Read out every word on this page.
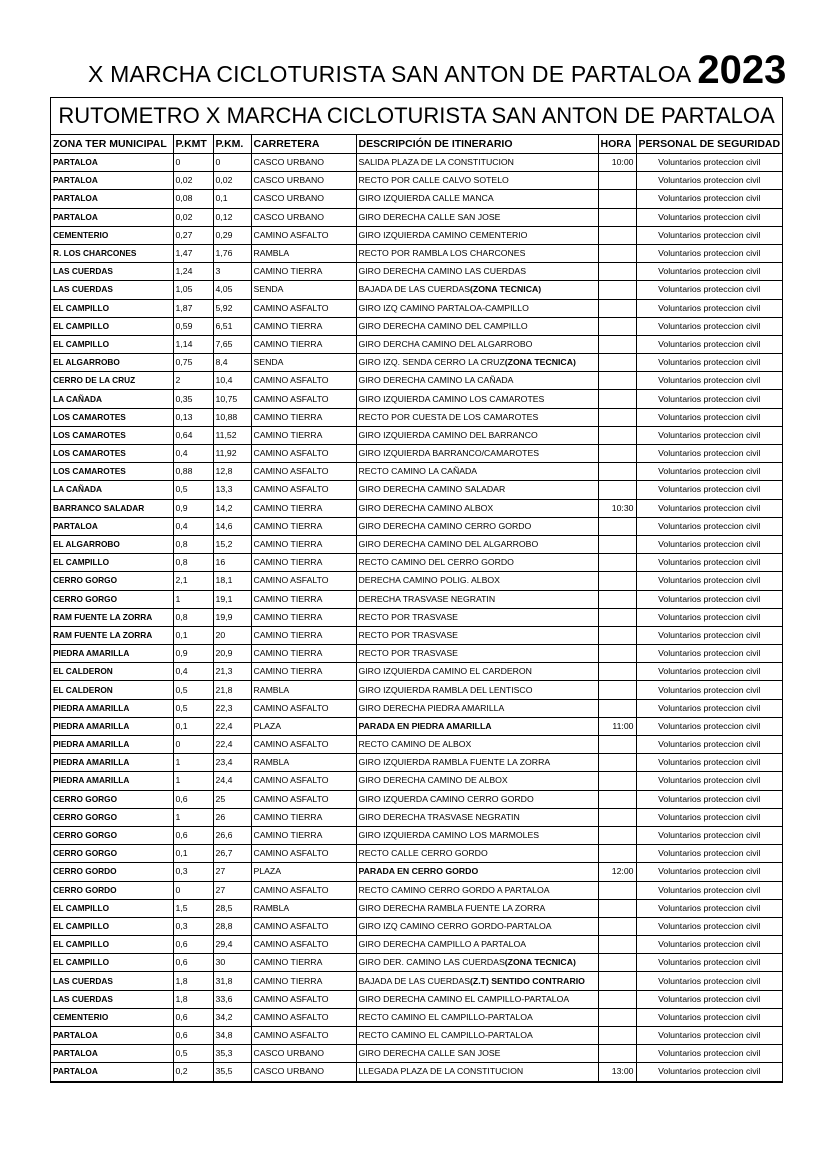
X MARCHA CICLOTURISTA SAN ANTON DE PARTALOA 2023
RUTOMETRO X MARCHA CICLOTURISTA SAN ANTON DE PARTALOA
ZONA TER MUNICIPAL	P.KMT	P.KM.	CARRETERA	DESCRIPCIÓN DE ITINERARIO	HORA	PERSONAL DE SEGURIDAD
PARTALOA	0	0	CASCO URBANO	SALIDA PLAZA DE LA CONSTITUCION	10:00	Voluntarios proteccion civil
PARTALOA	0,02	0,02	CASCO URBANO	RECTO POR CALLE CALVO SOTELO		Voluntarios proteccion civil
PARTALOA	0,08	0,1	CASCO URBANO	GIRO IZQUIERDA CALLE MANCA		Voluntarios proteccion civil
PARTALOA	0,02	0,12	CASCO URBANO	GIRO DERECHA CALLE SAN JOSE		Voluntarios proteccion civil
CEMENTERIO	0,27	0,29	CAMINO ASFALTO	GIRO IZQUIERDA CAMINO CEMENTERIO		Voluntarios proteccion civil
R. LOS CHARCONES	1,47	1,76	RAMBLA	RECTO POR RAMBLA LOS CHARCONES		Voluntarios proteccion civil
LAS CUERDAS	1,24	3	CAMINO TIERRA	GIRO DERECHA CAMINO LAS CUERDAS		Voluntarios proteccion civil
LAS CUERDAS	1,05	4,05	SENDA	BAJADA DE LAS CUERDAS(ZONA TECNICA)		Voluntarios proteccion civil
EL CAMPILLO	1,87	5,92	CAMINO ASFALTO	GIRO IZQ CAMINO PARTALOA-CAMPILLO		Voluntarios proteccion civil
EL CAMPILLO	0,59	6,51	CAMINO TIERRA	GIRO DERECHA CAMINO DEL CAMPILLO		Voluntarios proteccion civil
EL CAMPILLO	1,14	7,65	CAMINO TIERRA	GIRO DERCHA CAMINO DEL ALGARROBO		Voluntarios proteccion civil
EL ALGARROBO	0,75	8,4	SENDA	GIRO IZQ. SENDA CERRO LA CRUZ(ZONA TECNICA)		Voluntarios proteccion civil
CERRO DE LA CRUZ	2	10,4	CAMINO ASFALTO	GIRO DERECHA CAMINO LA CAÑADA		Voluntarios proteccion civil
LA CAÑADA	0,35	10,75	CAMINO ASFALTO	GIRO IZQUIERDA CAMINO LOS CAMAROTES		Voluntarios proteccion civil
LOS CAMAROTES	0,13	10,88	CAMINO TIERRA	RECTO POR CUESTA DE LOS CAMAROTES		Voluntarios proteccion civil
LOS CAMAROTES	0,64	11,52	CAMINO TIERRA	GIRO IZQUIERDA CAMINO DEL BARRANCO		Voluntarios proteccion civil
LOS CAMAROTES	0,4	11,92	CAMINO ASFALTO	GIRO IZQUIERDA BARRANCO/CAMAROTES		Voluntarios proteccion civil
LOS CAMAROTES	0,88	12,8	CAMINO ASFALTO	RECTO CAMINO LA CAÑADA		Voluntarios proteccion civil
LA CAÑADA	0,5	13,3	CAMINO ASFALTO	GIRO DERECHA CAMINO SALADAR		Voluntarios proteccion civil
BARRANCO SALADAR	0,9	14,2	CAMINO TIERRA	GIRO DERECHA CAMINO ALBOX	10:30	Voluntarios proteccion civil
PARTALOA	0,4	14,6	CAMINO TIERRA	GIRO DERECHA CAMINO CERRO GORDO		Voluntarios proteccion civil
EL ALGARROBO	0,8	15,2	CAMINO TIERRA	GIRO DERECHA CAMINO DEL ALGARROBO		Voluntarios proteccion civil
EL CAMPILLO	0,8	16	CAMINO TIERRA	RECTO CAMINO DEL CERRO GORDO		Voluntarios proteccion civil
CERRO GORGO	2,1	18,1	CAMINO ASFALTO	DERECHA CAMINO POLIG. ALBOX		Voluntarios proteccion civil
CERRO GORGO	1	19,1	CAMINO TIERRA	DERECHA TRASVASE NEGRATIN		Voluntarios proteccion civil
RAM FUENTE LA ZORRA	0,8	19,9	CAMINO TIERRA	RECTO POR TRASVASE		Voluntarios proteccion civil
RAM FUENTE LA ZORRA	0,1	20	CAMINO TIERRA	RECTO POR TRASVASE		Voluntarios proteccion civil
PIEDRA AMARILLA	0,9	20,9	CAMINO TIERRA	RECTO POR TRASVASE		Voluntarios proteccion civil
EL CALDERON	0,4	21,3	CAMINO TIERRA	GIRO IZQUIERDA CAMINO EL CARDERON		Voluntarios proteccion civil
EL CALDERON	0,5	21,8	RAMBLA	GIRO IZQUIERDA RAMBLA DEL LENTISCO		Voluntarios proteccion civil
PIEDRA AMARILLA	0,5	22,3	CAMINO ASFALTO	GIRO DERECHA PIEDRA AMARILLA		Voluntarios proteccion civil
PIEDRA AMARILLA	0,1	22,4	PLAZA	PARADA EN PIEDRA AMARILLA	11:00	Voluntarios proteccion civil
PIEDRA AMARILLA	0	22,4	CAMINO ASFALTO	RECTO CAMINO DE ALBOX		Voluntarios proteccion civil
PIEDRA AMARILLA	1	23,4	RAMBLA	GIRO IZQUIERDA RAMBLA FUENTE LA ZORRA		Voluntarios proteccion civil
PIEDRA AMARILLA	1	24,4	CAMINO ASFALTO	GIRO DERECHA CAMINO DE ALBOX		Voluntarios proteccion civil
CERRO GORGO	0,6	25	CAMINO ASFALTO	GIRO IZQUERDA CAMINO CERRO GORDO		Voluntarios proteccion civil
CERRO GORGO	1	26	CAMINO TIERRA	GIRO DERECHA TRASVASE NEGRATIN		Voluntarios proteccion civil
CERRO GORGO	0,6	26,6	CAMINO TIERRA	GIRO IZQUIERDA CAMINO LOS MARMOLES		Voluntarios proteccion civil
CERRO GORGO	0,1	26,7	CAMINO ASFALTO	RECTO CALLE CERRO GORDO		Voluntarios proteccion civil
CERRO GORDO	0,3	27	PLAZA	PARADA EN CERRO GORDO	12:00	Voluntarios proteccion civil
CERRO GORDO	0	27	CAMINO ASFALTO	RECTO CAMINO CERRO GORDO A PARTALOA		Voluntarios proteccion civil
EL CAMPILLO	1,5	28,5	RAMBLA	GIRO DERECHA RAMBLA FUENTE LA ZORRA		Voluntarios proteccion civil
EL CAMPILLO	0,3	28,8	CAMINO ASFALTO	GIRO IZQ CAMINO CERRO GORDO-PARTALOA		Voluntarios proteccion civil
EL CAMPILLO	0,6	29,4	CAMINO ASFALTO	GIRO DERECHA CAMPILLO A PARTALOA		Voluntarios proteccion civil
EL CAMPILLO	0,6	30	CAMINO TIERRA	GIRO DER. CAMINO LAS CUERDAS(ZONA TECNICA)		Voluntarios proteccion civil
LAS CUERDAS	1,8	31,8	CAMINO TIERRA	BAJADA DE LAS CUERDAS(Z.T) SENTIDO CONTRARIO		Voluntarios proteccion civil
LAS CUERDAS	1,8	33,6	CAMINO ASFALTO	GIRO DERECHA CAMINO EL CAMPILLO-PARTALOA		Voluntarios proteccion civil
CEMENTERIO	0,6	34,2	CAMINO ASFALTO	RECTO CAMINO EL CAMPILLO-PARTALOA		Voluntarios proteccion civil
PARTALOA	0,6	34,8	CAMINO ASFALTO	RECTO CAMINO EL CAMPILLO-PARTALOA		Voluntarios proteccion civil
PARTALOA	0,5	35,3	CASCO URBANO	GIRO DERECHA CALLE SAN JOSE		Voluntarios proteccion civil
PARTALOA	0,2	35,5	CASCO URBANO	LLEGADA PLAZA DE LA CONSTITUCION	13:00	Voluntarios proteccion civil
